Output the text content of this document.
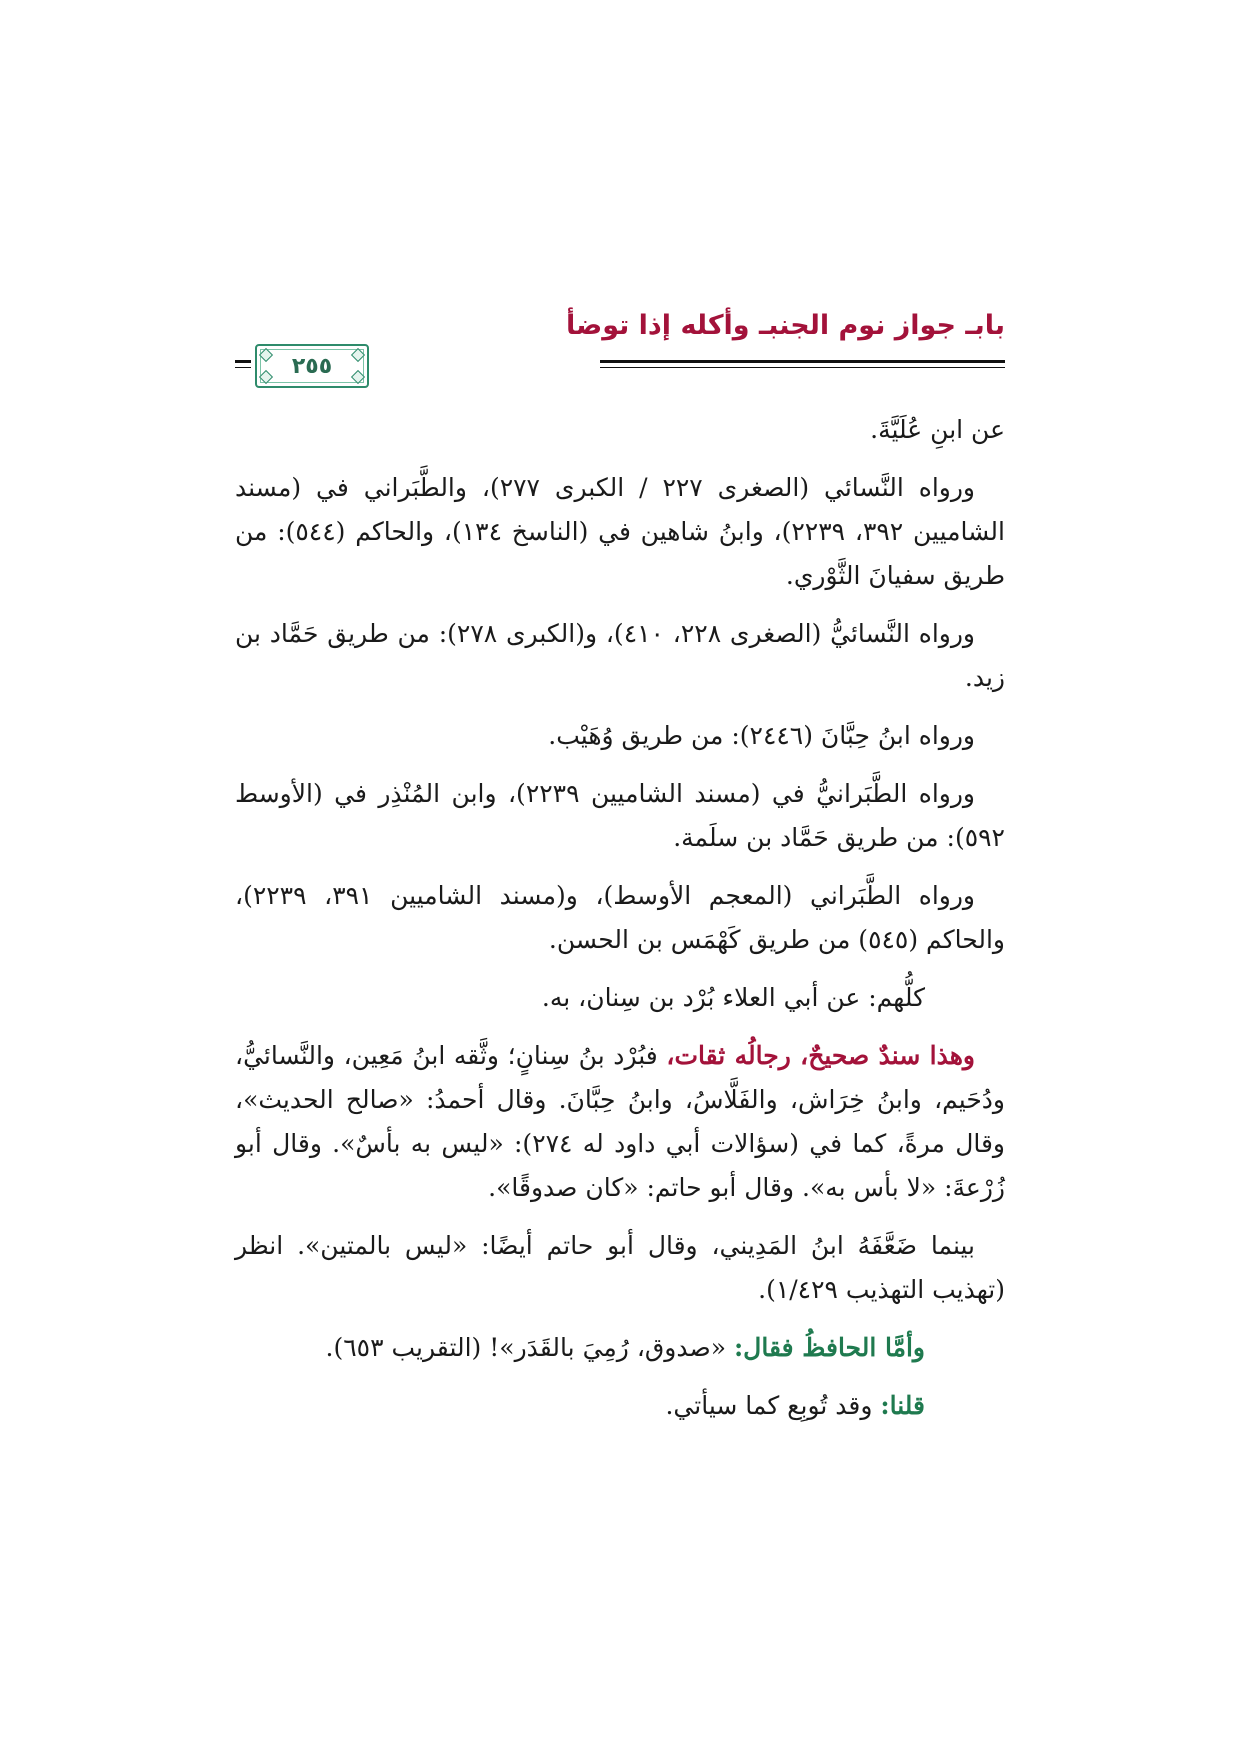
بابـ جواز نوم الجنبـ وأكله إذا توضأ
٢٥٥

عن ابنِ عُلَيَّةَ.

ورواه النَّسائي (الصغرى ٢٢٧ / الكبرى ٢٧٧)، والطَّبَراني في (مسند الشاميين ٣٩٢، ٢٢٣٩)، وابنُ شاهين في (الناسخ ١٣٤)، والحاكم (٥٤٤): من طريق سفيانَ الثَّوْري.

ورواه النَّسائيُّ (الصغرى ٢٢٨، ٤١٠)، و(الكبرى ٢٧٨): من طريق حَمَّاد بن زيد.

ورواه ابنُ حِبَّانَ (٢٤٤٦): من طريق وُهَيْب.

ورواه الطَّبَرانيُّ في (مسند الشاميين ٢٢٣٩)، وابن المُنْذِر في (الأوسط ٥٩٢): من طريق حَمَّاد بن سلَمة.

ورواه الطَّبَراني (المعجم الأوسط)، و(مسند الشاميين ٣٩١، ٢٢٣٩)، والحاكم (٥٤٥) من طريق كَهْمَس بن الحسن.

كلُّهم: عن أبي العلاء بُرْد بن سِنان، به.

وهذا سندٌ صحيحٌ، رجالُه ثقات، فبُرْد بنُ سِنانٍ؛ وثَّقه ابنُ مَعِين، والنَّسائيُّ، ودُحَيم، وابنُ خِرَاش، والفَلَّاسُ، وابنُ حِبَّانَ. وقال أحمدُ: «صالح الحديث»، وقال مرةً، كما في (سؤالات أبي داود له ٢٧٤): «ليس به بأسٌ». وقال أبو زُرْعةَ: «لا بأس به». وقال أبو حاتم: «كان صدوقًا».

بينما ضَعَّفَهُ ابنُ المَدِيني، وقال أبو حاتم أيضًا: «ليس بالمتين». انظر (تهذيب التهذيب ١/٤٢٩).

وأمَّا الحافظُ فقال: «صدوق، رُمِيَ بالقَدَر»! (التقريب ٦٥٣).

قلنا: وقد تُوبِع كما سيأتي.
